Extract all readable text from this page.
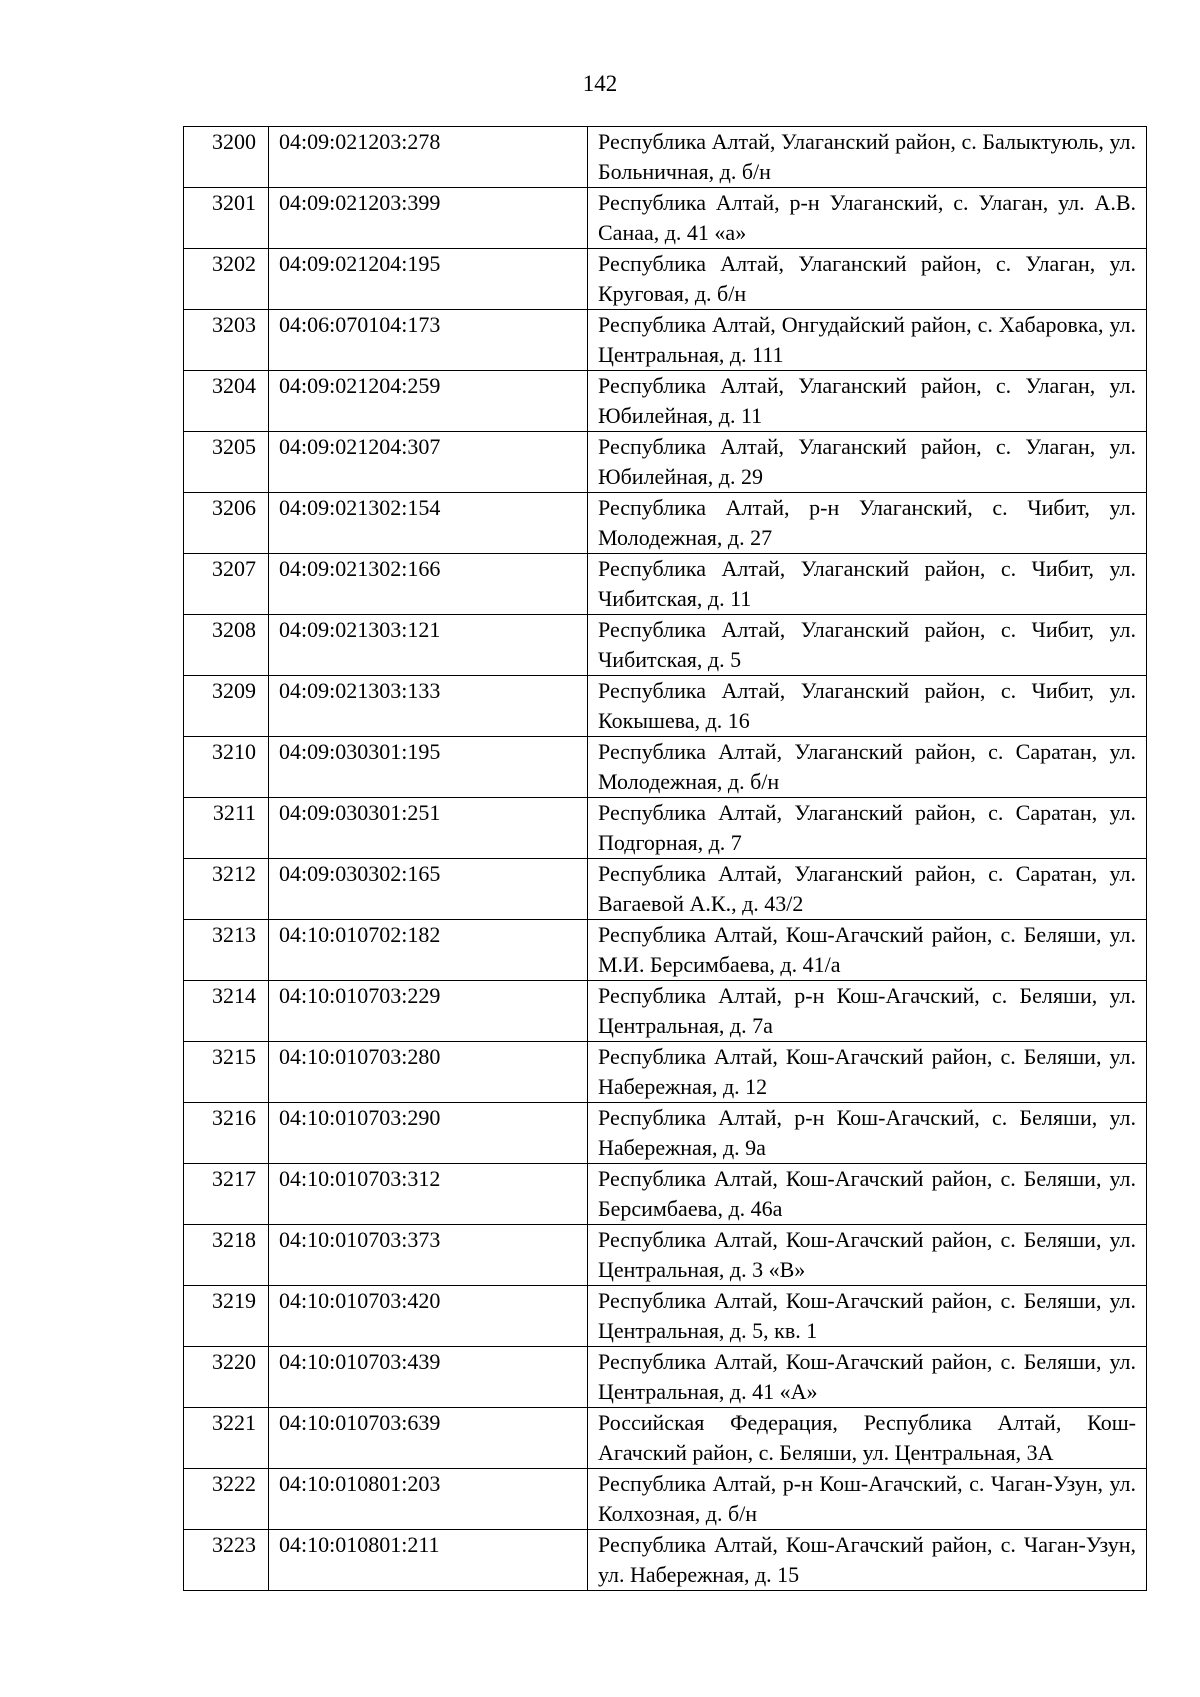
142
3200	04:09:021203:278	Республика Алтай, Улаганский район, с. Балыктуюль, ул. Больничная, д. б/н
3201	04:09:021203:399	Республика Алтай, р-н Улаганский, с. Улаган, ул. А.В. Санаа, д. 41 «а»
3202	04:09:021204:195	Республика Алтай, Улаганский район, с. Улаган, ул. Круговая, д. б/н
3203	04:06:070104:173	Республика Алтай, Онгудайский район, с. Хабаровка, ул. Центральная, д. 111
3204	04:09:021204:259	Республика Алтай, Улаганский район, с. Улаган, ул. Юбилейная, д. 11
3205	04:09:021204:307	Республика Алтай, Улаганский район, с. Улаган, ул. Юбилейная, д. 29
3206	04:09:021302:154	Республика Алтай, р-н Улаганский, с. Чибит, ул. Молодежная, д. 27
3207	04:09:021302:166	Республика Алтай, Улаганский район, с. Чибит, ул. Чибитская, д. 11
3208	04:09:021303:121	Республика Алтай, Улаганский район, с. Чибит, ул. Чибитская, д. 5
3209	04:09:021303:133	Республика Алтай, Улаганский район, с. Чибит, ул. Кокышева, д. 16
3210	04:09:030301:195	Республика Алтай, Улаганский район, с. Саратан, ул. Молодежная, д. б/н
3211	04:09:030301:251	Республика Алтай, Улаганский район, с. Саратан, ул. Подгорная, д. 7
3212	04:09:030302:165	Республика Алтай, Улаганский район, с. Саратан, ул. Вагаевой А.К., д. 43/2
3213	04:10:010702:182	Республика Алтай, Кош-Агачский район, с. Беляши, ул. М.И. Берсимбаева, д. 41/а
3214	04:10:010703:229	Республика Алтай, р-н Кош-Агачский, с. Беляши, ул. Центральная, д. 7а
3215	04:10:010703:280	Республика Алтай, Кош-Агачский район, с. Беляши, ул. Набережная, д. 12
3216	04:10:010703:290	Республика Алтай, р-н Кош-Агачский, с. Беляши, ул. Набережная, д. 9а
3217	04:10:010703:312	Республика Алтай, Кош-Агачский район, с. Беляши, ул. Берсимбаева, д. 46а
3218	04:10:010703:373	Республика Алтай, Кош-Агачский район, с. Беляши, ул. Центральная, д. 3 «В»
3219	04:10:010703:420	Республика Алтай, Кош-Агачский район, с. Беляши, ул. Центральная, д. 5, кв. 1
3220	04:10:010703:439	Республика Алтай, Кош-Агачский район, с. Беляши, ул. Центральная, д. 41 «А»
3221	04:10:010703:639	Российская Федерация, Республика Алтай, Кош-Агачский район, с. Беляши, ул. Центральная, 3А
3222	04:10:010801:203	Республика Алтай, р-н Кош-Агачский, с. Чаган-Узун, ул. Колхозная, д. б/н
3223	04:10:010801:211	Республика Алтай, Кош-Агачский район, с. Чаган-Узун, ул. Набережная, д. 15
